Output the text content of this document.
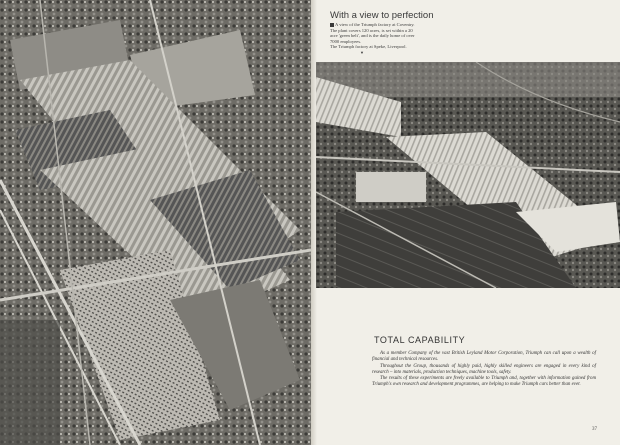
With a view to perfection

A view of the Triumph factory at Coventry. The plant covers 120 acres, is set within a 20 acre 'green belt', and is the daily home of over 7000 employees.

The Triumph factory at Speke, Liverpool.▼

TOTAL CAPABILITY

As a member Company of the vast British Leyland Motor Corporation, Triumph can call upon a wealth of financial and technical resources.

Throughout the Group, thousands of highly paid, highly skilled engineers are engaged in every kind of research – into materials, production techniques, machine tools, safety.

The results of these experiments are freely available to Triumph and, together with information gained from Triumph's own research and development programmes, are helping to make Triumph cars better than ever.

37
